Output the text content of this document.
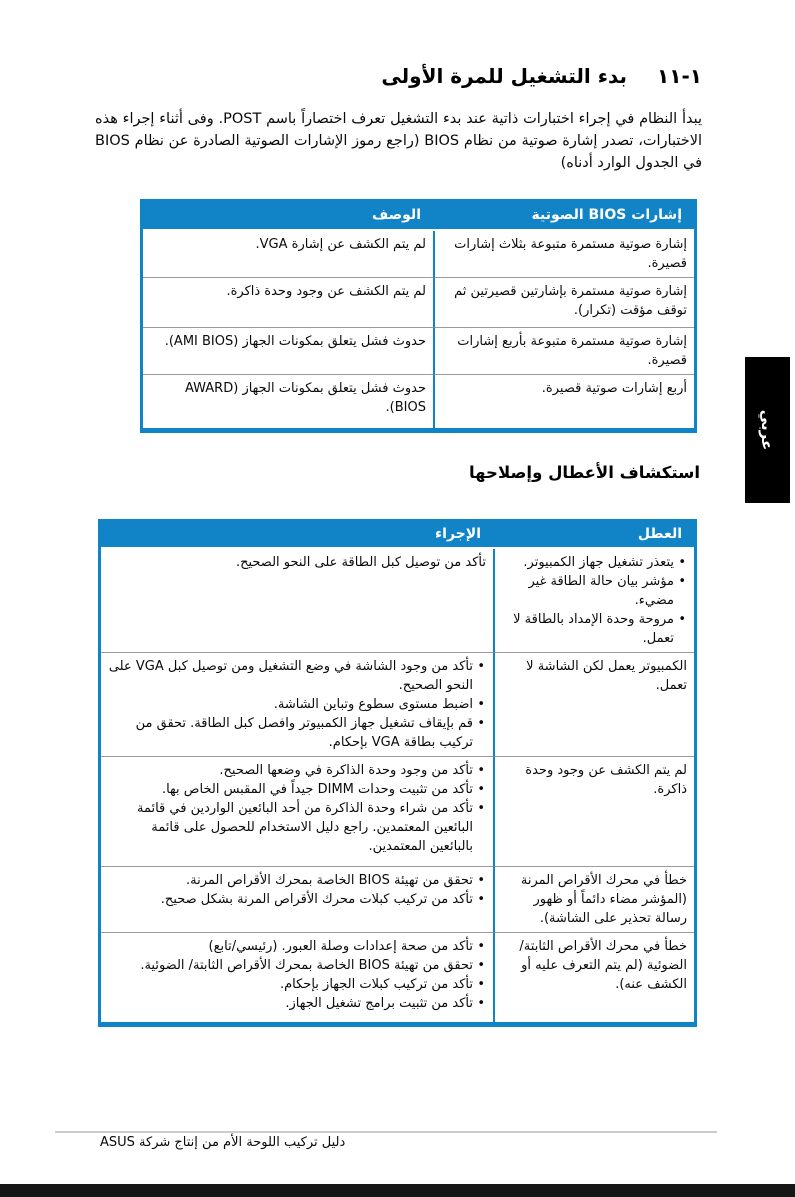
١-١١
بدء التشغيل للمرة الأولى

يبدأ النظام في إجراء اختبارات ذاتية عند بدء التشغيل تعرف اختصاراً باسم POST. وفى أثناء إجراء هذه الاختبارات، تصدر إشارة صوتية من نظام BIOS (راجع رموز الإشارات الصوتية الصادرة عن نظام BIOS في الجدول الوارد أدناه)

إشارات BIOS الصوتية	الوصف
إشارة صوتية مستمرة متبوعة بثلاث إشارات قصيرة.	لم يتم الكشف عن إشارة VGA.
إشارة صوتية مستمرة بإشارتين قصيرتين ثم توقف مؤقت (تكرار).	لم يتم الكشف عن وجود وحدة ذاكرة.
إشارة صوتية مستمرة متبوعة بأربع إشارات قصيرة.	حدوث فشل يتعلق بمكونات الجهاز (AMI BIOS).
أربع إشارات صوتية قصيرة.	حدوث فشل يتعلق بمكونات الجهاز (AWARD BIOS).
عربي
استكشاف الأعطال وإصلاحها
العطل	الإجراء

• يتعذر تشغيل جهاز الكمبيوتر.
• مؤشر بيان حالة الطاقة غير مضيء.
• مروحة وحدة الإمداد بالطاقة لا تعمل.	تأكد من توصيل كبل الطاقة على النحو الصحيح.

الكمبيوتر يعمل لكن الشاشة لا تعمل.	• تأكد من وجود الشاشة في وضع التشغيل ومن توصيل كبل VGA على النحو الصحيح.
• اضبط مستوى سطوع وتباين الشاشة.
• قم بإيقاف تشغيل جهاز الكمبيوتر وافصل كبل الطاقة. تحقق من تركيب بطاقة VGA بإحكام.

لم يتم الكشف عن وجود وحدة ذاكرة.	• تأكد من وجود وحدة الذاكرة في وضعها الصحيح.
• تأكد من تثبيت وحدات DIMM جيداً في المقبس الخاص بها.
• تأكد من شراء وحدة الذاكرة من أحد البائعين الواردين في قائمة البائعين المعتمدين. راجع دليل الاستخدام للحصول على قائمة بالبائعين المعتمدين.

خطأ في محرك الأقراص المرنة (المؤشر مضاء دائماً أو ظهور رسالة تحذير على الشاشة).	• تحقق من تهيئة BIOS الخاصة بمحرك الأقراص المرنة.
• تأكد من تركيب كبلات محرك الأقراص المرنة بشكل صحيح.

خطأ في محرك الأقراص الثابتة/ الضوئية (لم يتم التعرف عليه أو الكشف عنه).	• تأكد من صحة إعدادات وصلة العبور. (رئيسي/تابع)
• تحقق من تهيئة BIOS الخاصة بمحرك الأقراص الثابتة/ الضوئية.
• تأكد من تركيب كبلات الجهاز بإحكام.
• تأكد من تثبيت برامج تشغيل الجهاز.
دليل تركيب اللوحة الأم من إنتاج شركة ASUS
